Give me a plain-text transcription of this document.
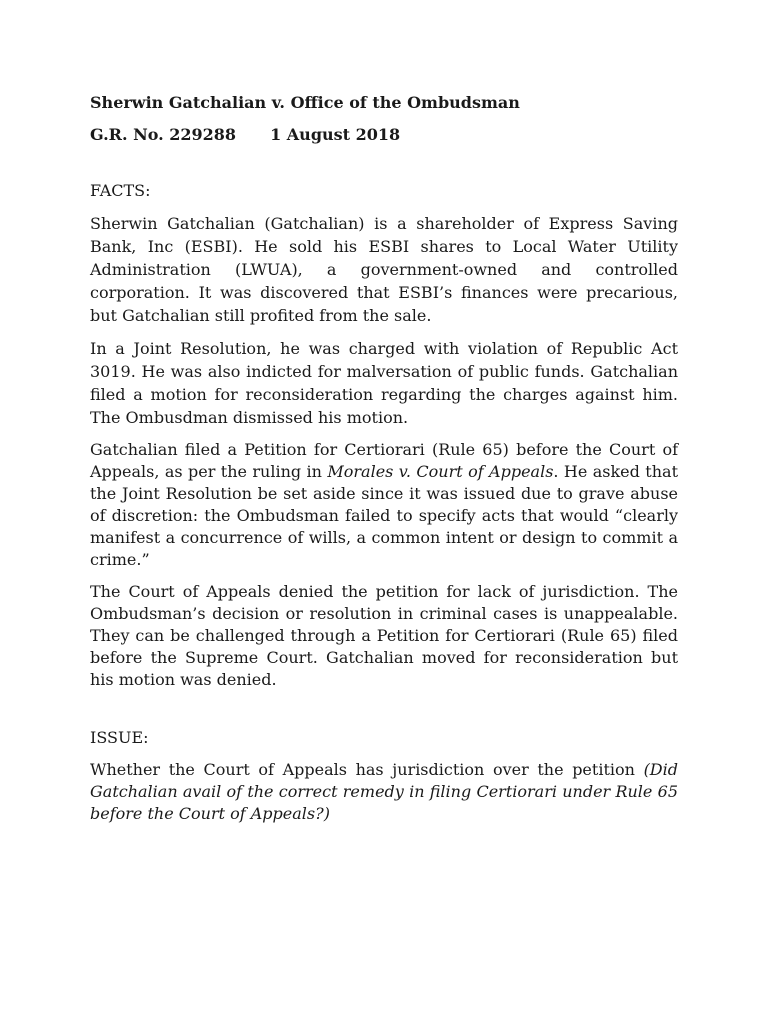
Sherwin Gatchalian v. Office of the Ombudsman
G.R. No. 229288 1 August 2018
FACTS:

Sherwin Gatchalian (Gatchalian) is a shareholder of Express Saving Bank, Inc (ESBI). He sold his ESBI shares to Local Water Utility Administration (LWUA), a government-owned and controlled corporation. It was discovered that ESBI’s finances were precarious, but Gatchalian still profited from the sale.

In a Joint Resolution, he was charged with violation of Republic Act 3019. He was also indicted for malversation of public funds. Gatchalian filed a motion for reconsideration regarding the charges against him. The Ombusdman dismissed his motion.

Gatchalian filed a Petition for Certiorari (Rule 65) before the Court of Appeals, as per the ruling in Morales v. Court of Appeals. He asked that the Joint Resolution be set aside since it was issued due to grave abuse of discretion: the Ombudsman failed to specify acts that would “clearly manifest a concurrence of wills, a common intent or design to commit a crime.”

The Court of Appeals denied the petition for lack of jurisdiction. The Ombudsman’s decision or resolution in criminal cases is unappealable. They can be challenged through a Petition for Certiorari (Rule 65) filed before the Supreme Court. Gatchalian moved for reconsideration but his motion was denied.

ISSUE:

Whether the Court of Appeals has jurisdiction over the petition (Did Gatchalian avail of the correct remedy in filing Certiorari under Rule 65 before the Court of Appeals?)
